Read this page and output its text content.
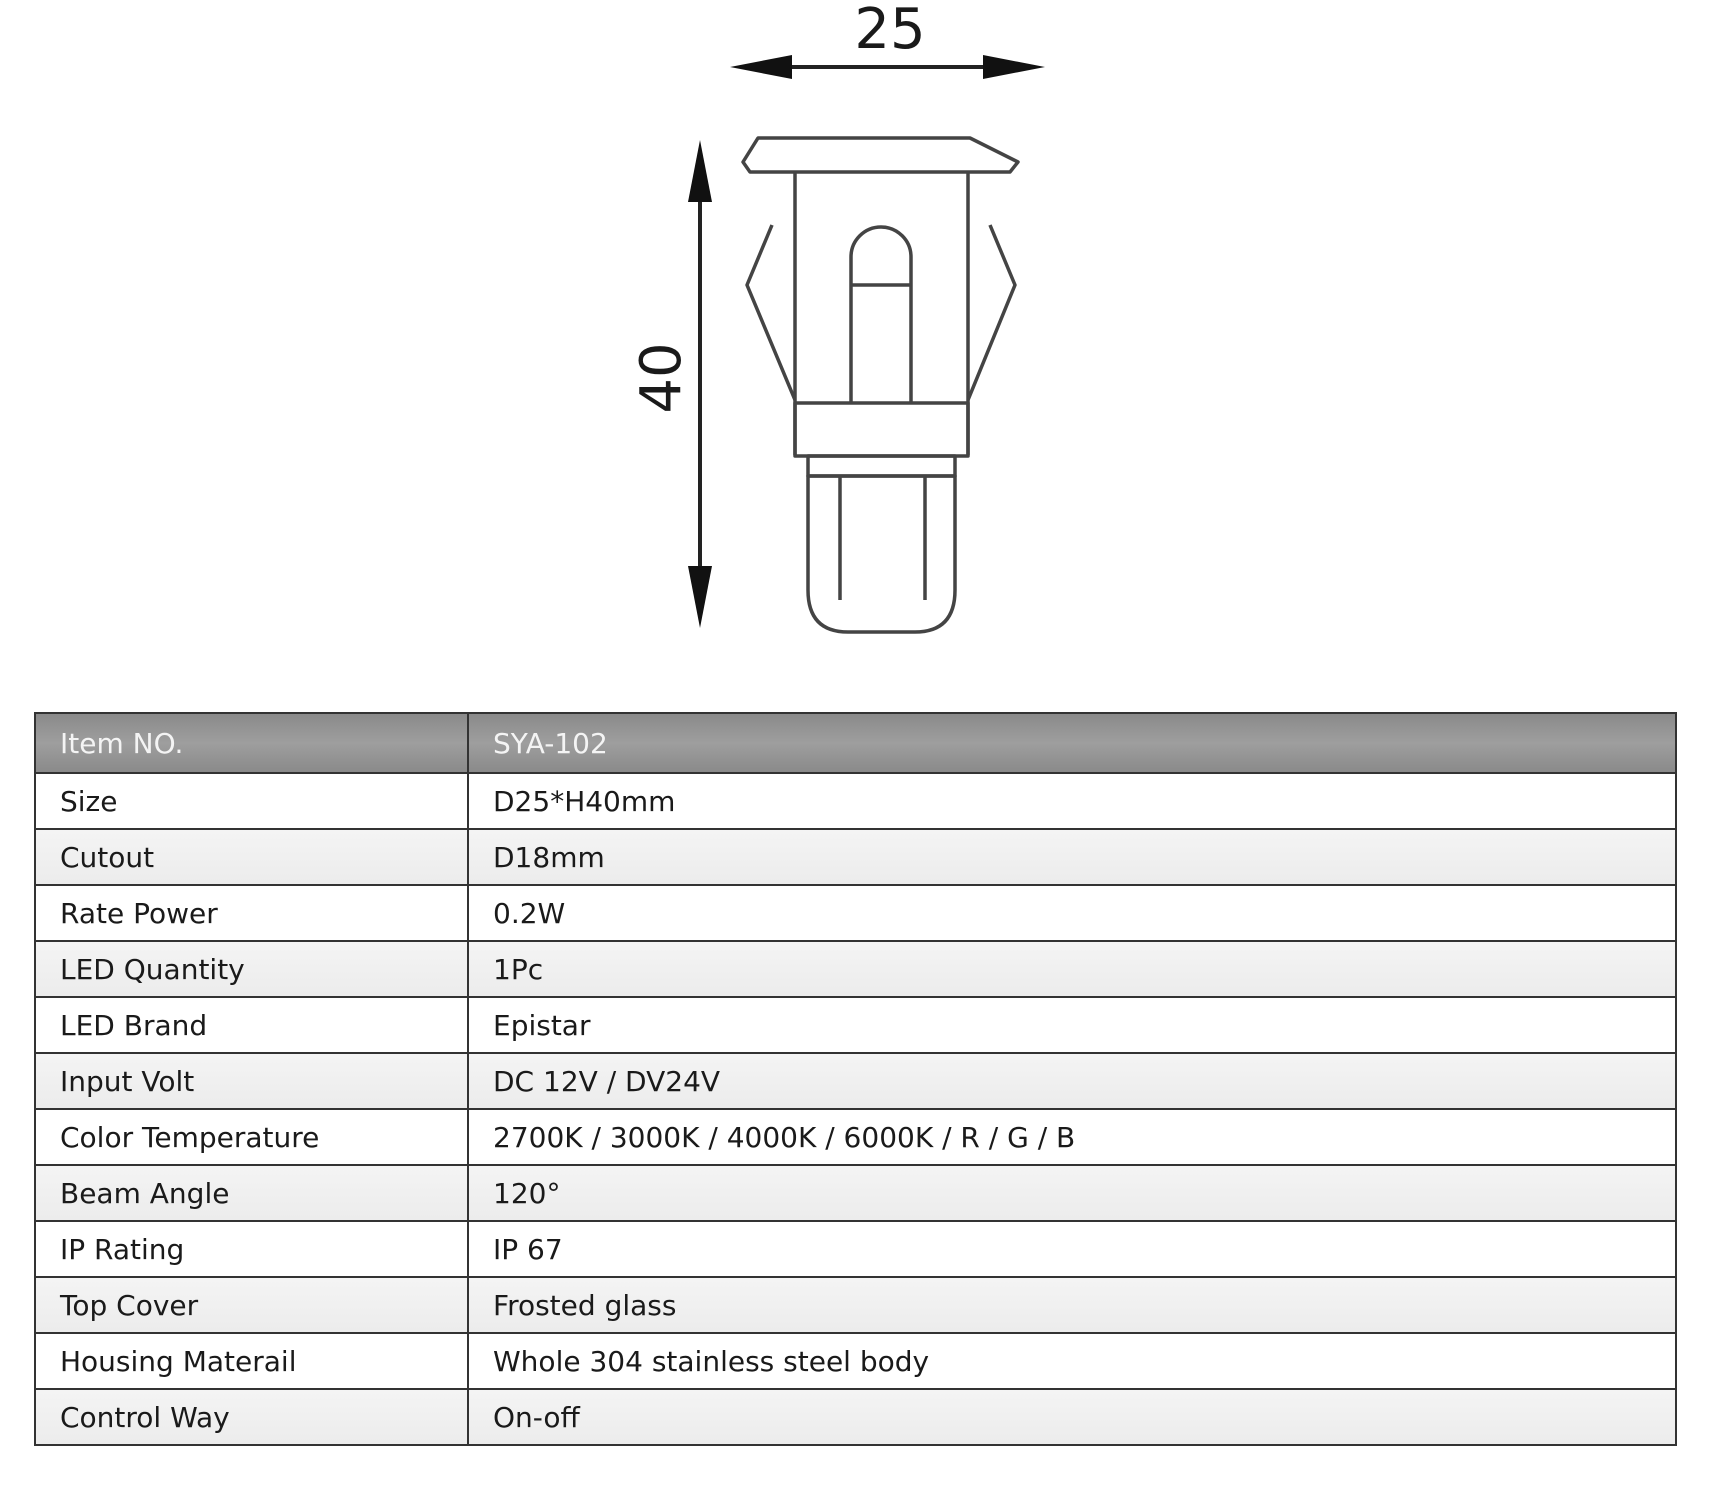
25
40
Item NO.	SYA-102
Size	D25*H40mm
Cutout	D18mm
Rate Power	0.2W
LED Quantity	1Pc
LED Brand	Epistar
Input Volt	DC 12V / DV24V
Color Temperature	2700K / 3000K / 4000K / 6000K / R / G / B
Beam Angle	120°
IP Rating	IP 67
Top Cover	Frosted glass
Housing Materail	Whole 304 stainless steel body
Control Way	On-off
